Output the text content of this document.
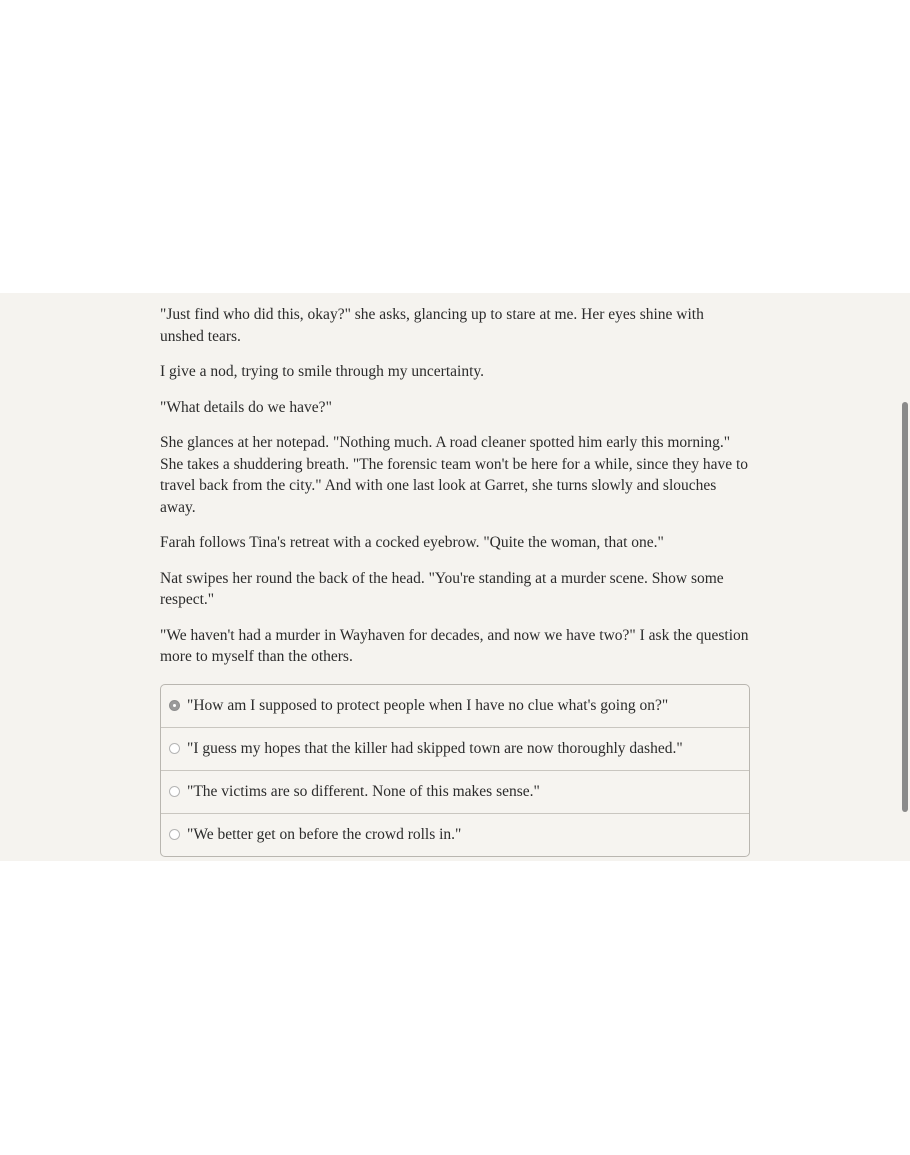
"Just find who did this, okay?" she asks, glancing up to stare at me. Her eyes shine with unshed tears.

I give a nod, trying to smile through my uncertainty.

"What details do we have?"

She glances at her notepad. "Nothing much. A road cleaner spotted him early this morning." She takes a shuddering breath. "The forensic team won't be here for a while, since they have to travel back from the city." And with one last look at Garret, she turns slowly and slouches away.

Farah follows Tina's retreat with a cocked eyebrow. "Quite the woman, that one."

Nat swipes her round the back of the head. "You're standing at a murder scene. Show some respect."

"We haven't had a murder in Wayhaven for decades, and now we have two?" I ask the question more to myself than the others.

"How am I supposed to protect people when I have no clue what's going on?"
"I guess my hopes that the killer had skipped town are now thoroughly dashed."
"The victims are so different. None of this makes sense."
"We better get on before the crowd rolls in."
